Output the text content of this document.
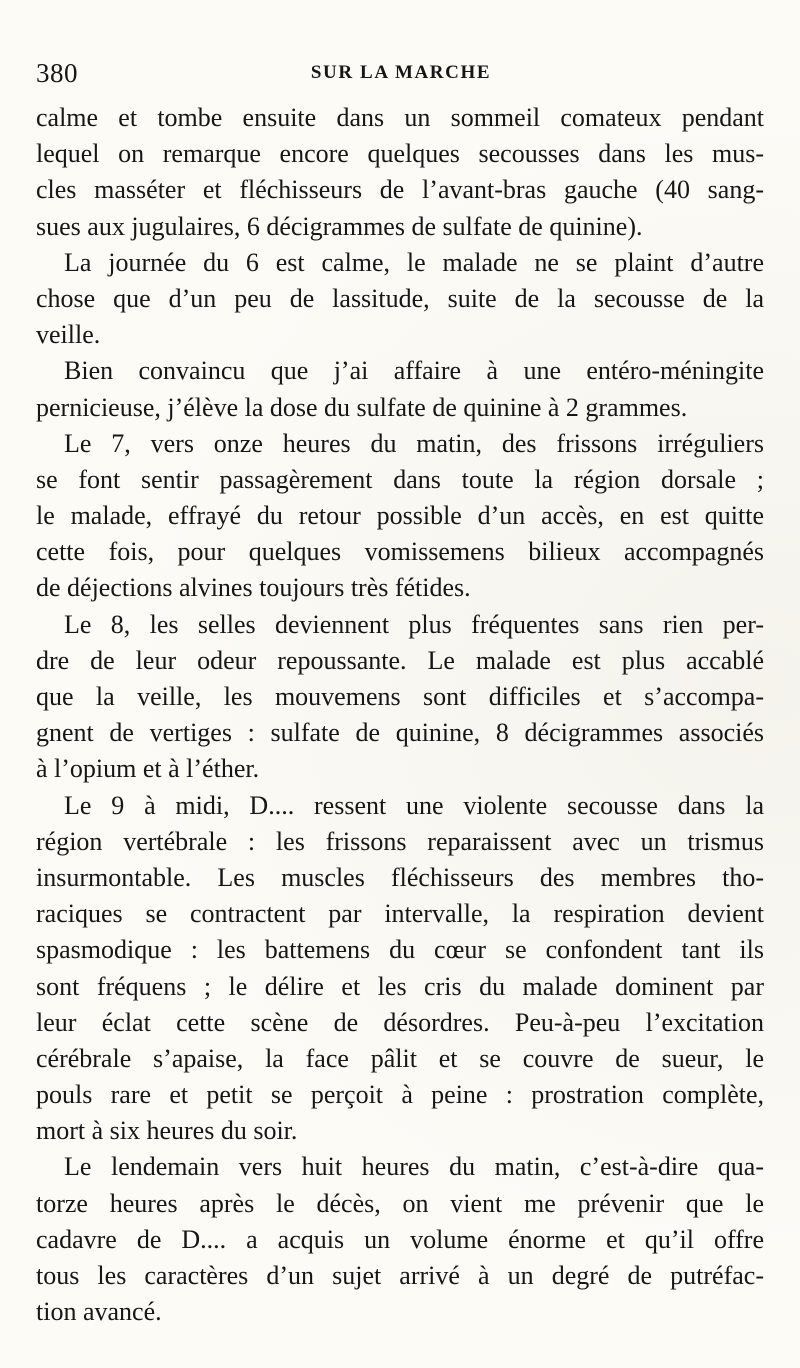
380	SUR LA MARCHE
calme et tombe ensuite dans un sommeil comateux pendant
lequel on remarque encore quelques secousses dans les mus-
cles masséter et fléchisseurs de l’avant-bras gauche (40 sang-
sues aux jugulaires, 6 décigrammes de sulfate de quinine).
La journée du 6 est calme, le malade ne se plaint d’autre
chose que d’un peu de lassitude, suite de la secousse de la
veille.
Bien convaincu que j’ai affaire à une entéro-méningite
pernicieuse, j’élève la dose du sulfate de quinine à 2 grammes.
Le 7, vers onze heures du matin, des frissons irréguliers
se font sentir passagèrement dans toute la région dorsale ;
le malade, effrayé du retour possible d’un accès, en est quitte
cette fois, pour quelques vomissemens bilieux accompagnés
de déjections alvines toujours très fétides.
Le 8, les selles deviennent plus fréquentes sans rien per-
dre de leur odeur repoussante. Le malade est plus accablé
que la veille, les mouvemens sont difficiles et s’accompa-
gnent de vertiges : sulfate de quinine, 8 décigrammes associés
à l’opium et à l’éther.
Le 9 à midi, D.... ressent une violente secousse dans la
région vertébrale : les frissons reparaissent avec un trismus
insurmontable. Les muscles fléchisseurs des membres tho-
raciques se contractent par intervalle, la respiration devient
spasmodique : les battemens du cœur se confondent tant ils
sont fréquens ; le délire et les cris du malade dominent par
leur éclat cette scène de désordres. Peu-à-peu l’excitation
cérébrale s’apaise, la face pâlit et se couvre de sueur, le
pouls rare et petit se perçoit à peine : prostration complète,
mort à six heures du soir.
Le lendemain vers huit heures du matin, c’est-à-dire qua-
torze heures après le décès, on vient me prévenir que le
cadavre de D.... a acquis un volume énorme et qu’il offre
tous les caractères d’un sujet arrivé à un degré de putréfac-
tion avancé.
